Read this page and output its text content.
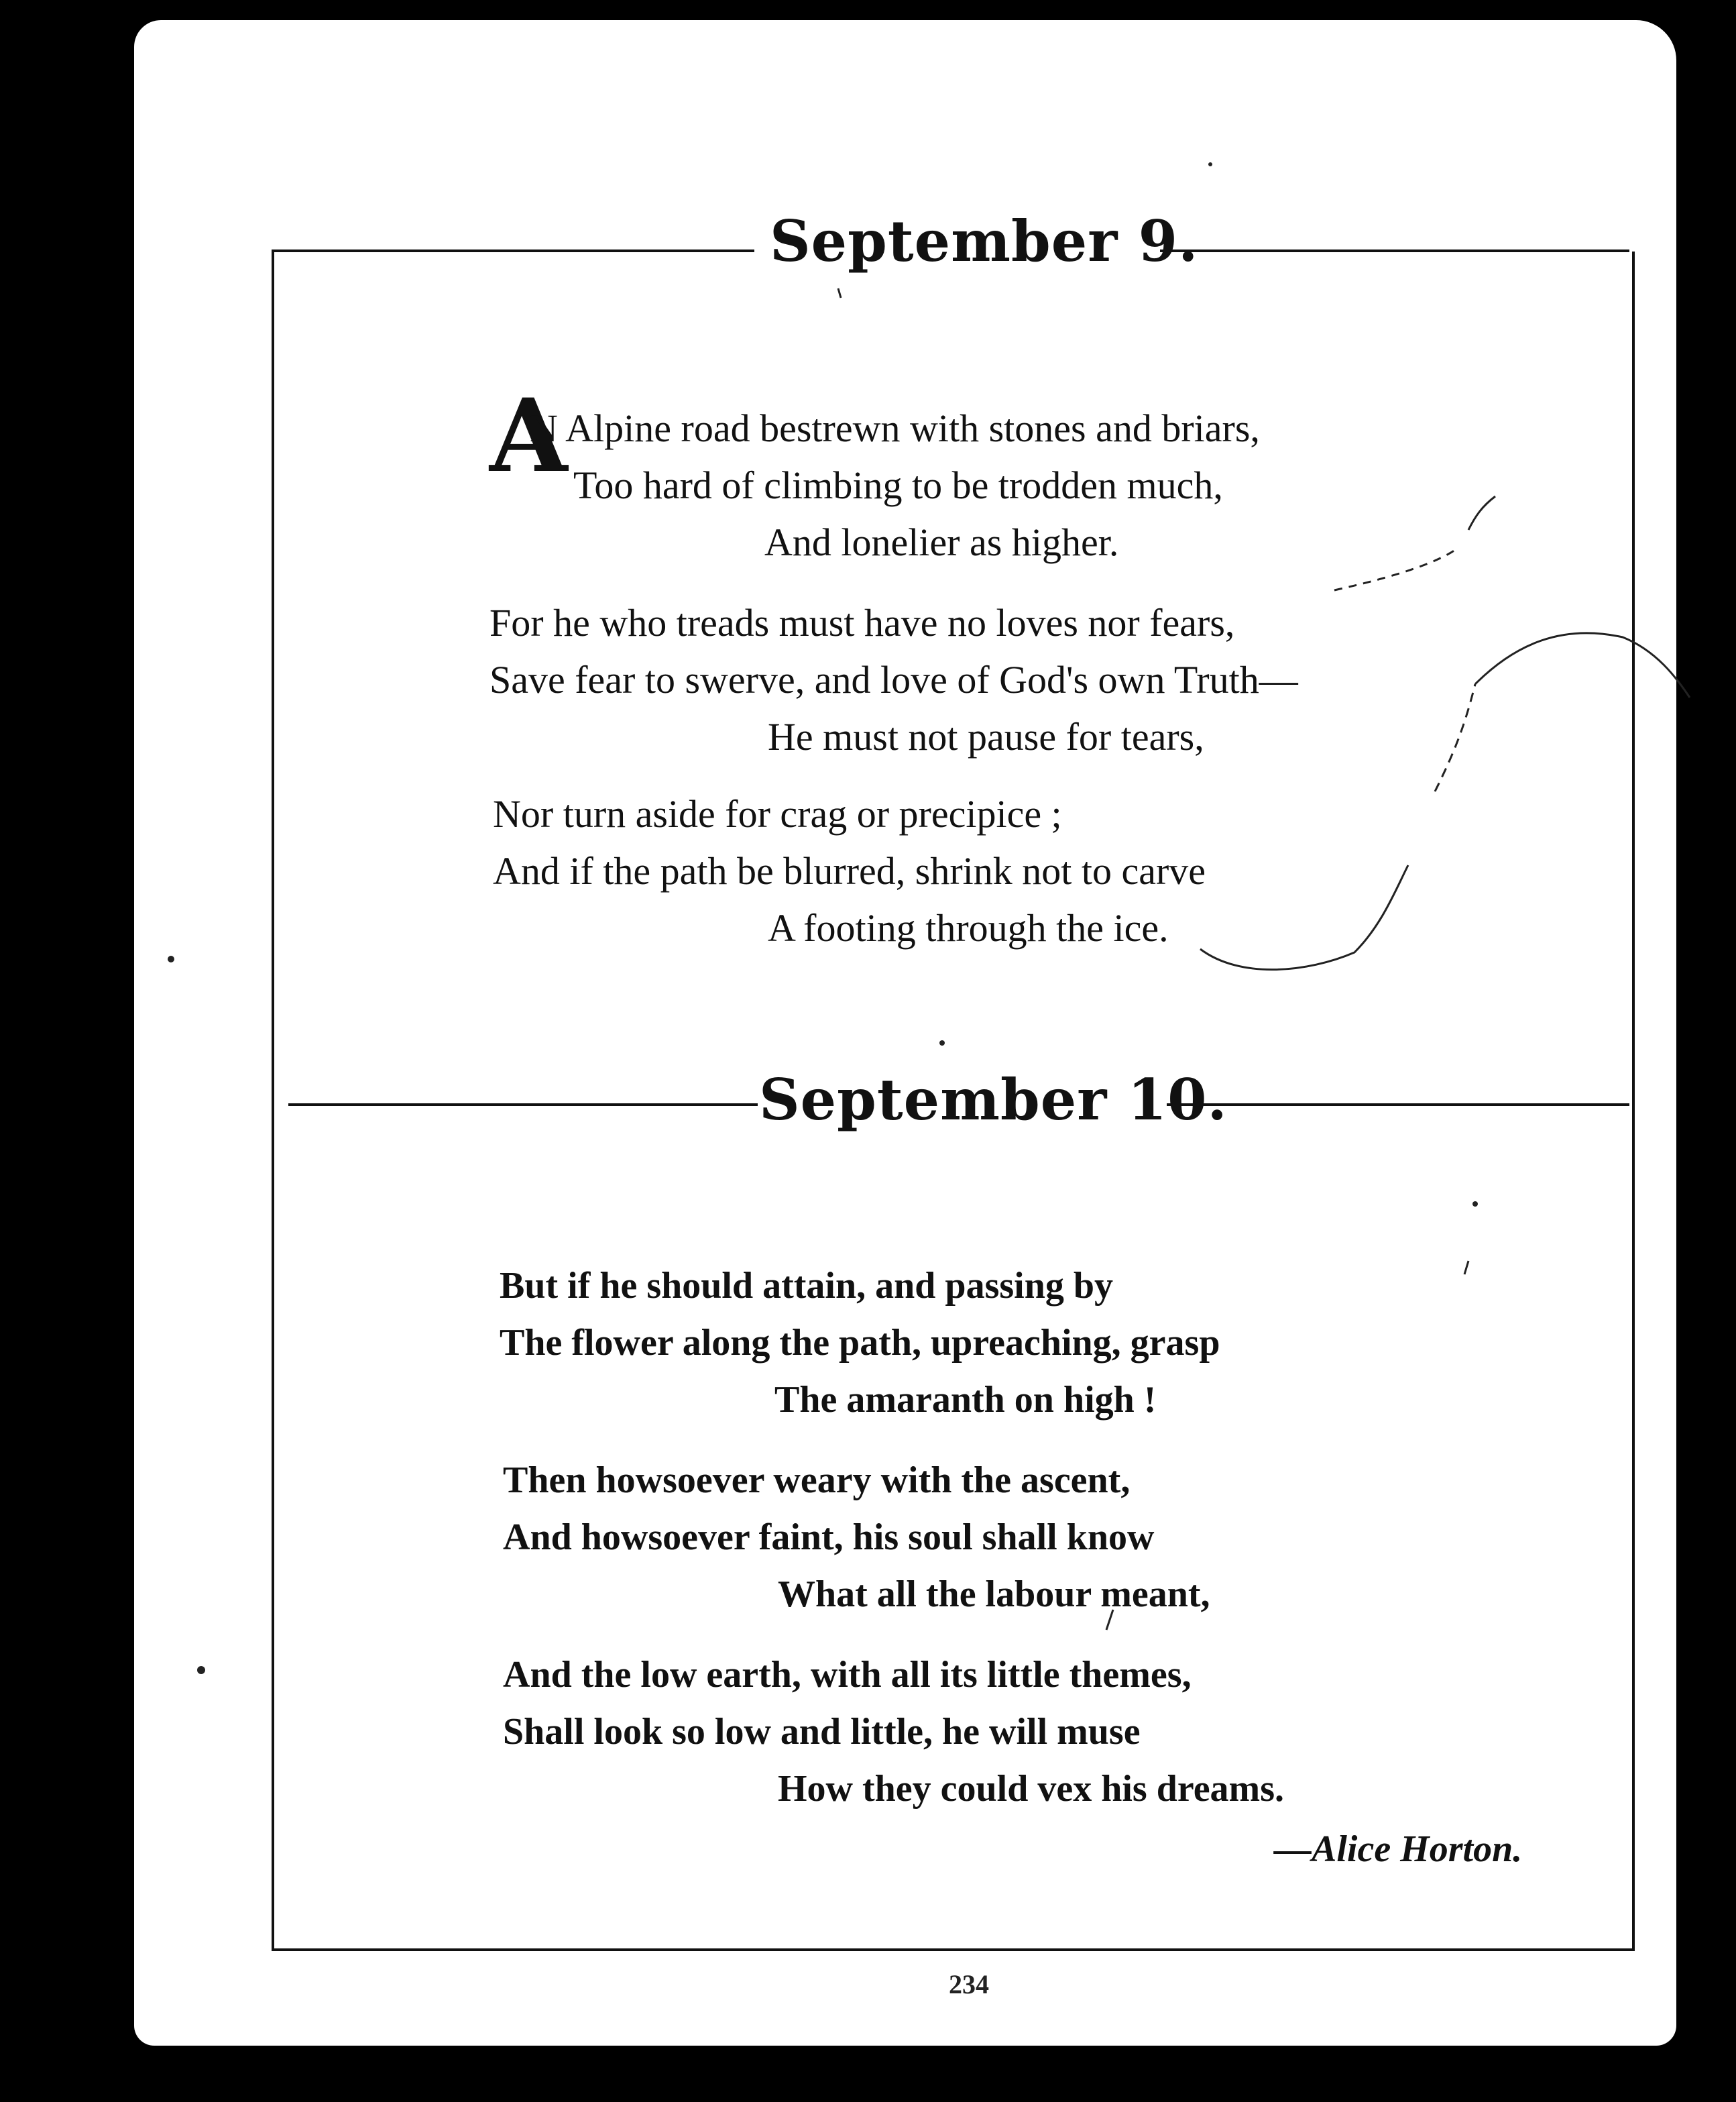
September 9.
A
N Alpine road bestrewn with stones and briars,
Too hard of climbing to be trodden much,
And lonelier as higher.
For he who treads must have no loves nor fears,
Save fear to swerve, and love of God's own Truth—
He must not pause for tears,
Nor turn aside for crag or precipice ;
And if the path be blurred, shrink not to carve
A footing through the ice.
September 10.
But if he should attain, and passing by
The flower along the path, upreaching, grasp
The amaranth on high !
Then howsoever weary with the ascent,
And howsoever faint, his soul shall know
What all the labour meant,
And the low earth, with all its little themes,
Shall look so low and little, he will muse
How they could vex his dreams.
—Alice Horton.
234
